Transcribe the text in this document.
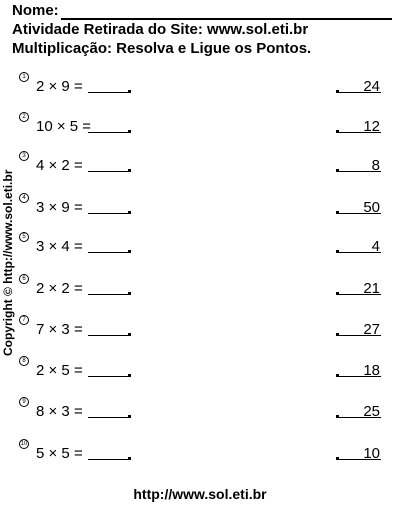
Nome:
Atividade Retirada do Site: www.sol.eti.br
Multiplicação: Resolva e Ligue os Pontos.
Copyright © http://www.sol.eti.br
1
2 × 9 =	24
2
10 × 5 =	12
3
4 × 2 =	8
4
3 × 9 =	50
5
3 × 4 =	4
6
2 × 2 =	21
7
7 × 3 =	27
8
2 × 5 =	18
9
8 × 3 =	25
10
5 × 5 =	10
http://www.sol.eti.br
